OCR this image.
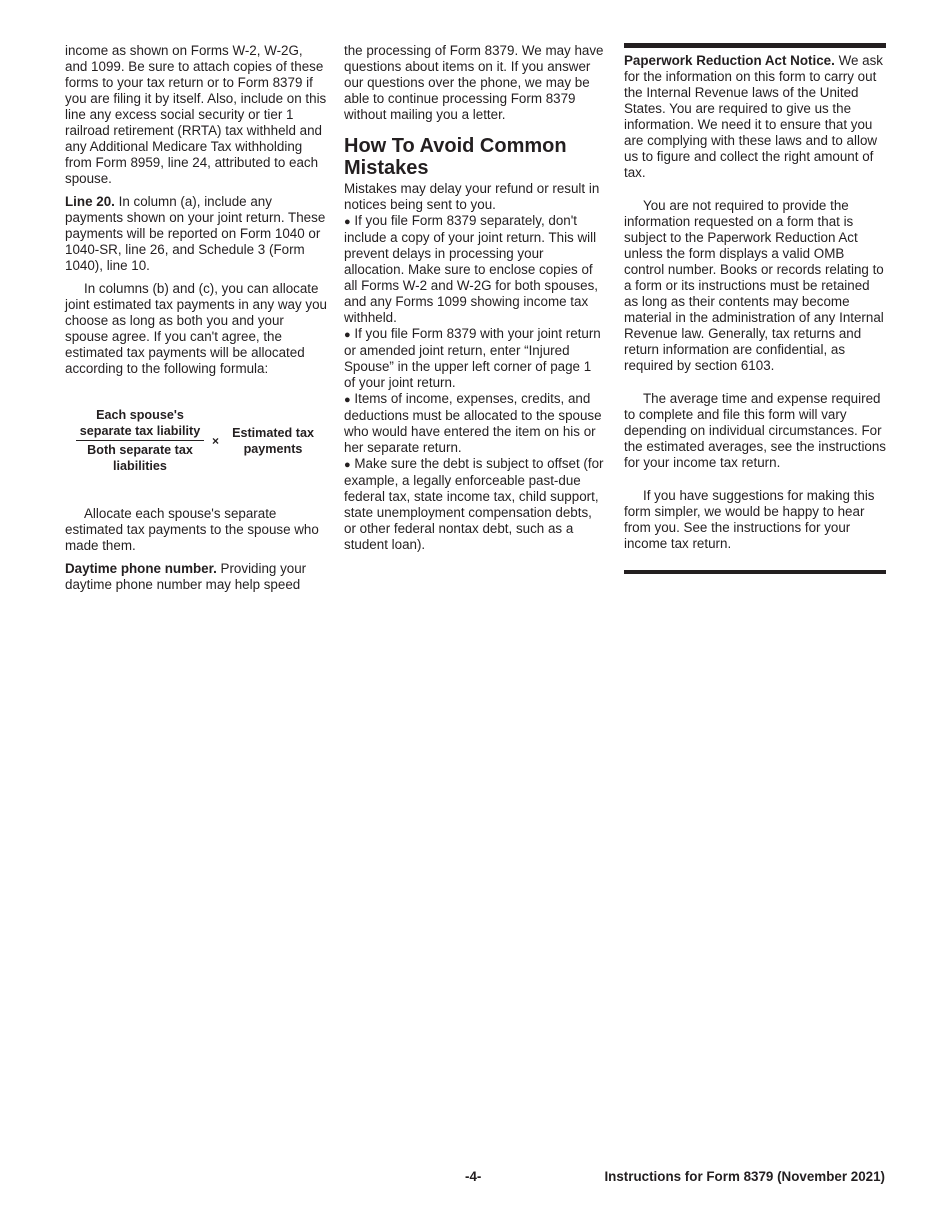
income as shown on Forms W-2, W-2G, and 1099. Be sure to attach copies of these forms to your tax return or to Form 8379 if you are filing it by itself. Also, include on this line any excess social security or tier 1 railroad retirement (RRTA) tax withheld and any Additional Medicare Tax withholding from Form 8959, line 24, attributed to each spouse.

Line 20. In column (a), include any payments shown on your joint return. These payments will be reported on Form 1040 or 1040-SR, line 26, and Schedule 3 (Form 1040), line 10.

In columns (b) and (c), you can allocate joint estimated tax payments in any way you choose as long as both you and your spouse agree. If you can't agree, the estimated tax payments will be allocated according to the following formula:

$\frac{\text{Each spouse's separate tax liability}}{\text{Both separate tax liabilities}}$ ×
Estimated tax payments

Allocate each spouse's separate estimated tax payments to the spouse who made them.

Daytime phone number. Providing your daytime phone number may help speed

the processing of Form 8379. We may have questions about items on it. If you answer our questions over the phone, we may be able to continue processing Form 8379 without mailing you a letter.

How To Avoid Common Mistakes

Mistakes may delay your refund or result in notices being sent to you.

● If you file Form 8379 separately, don't include a copy of your joint return. This will prevent delays in processing your allocation. Make sure to enclose copies of all Forms W-2 and W-2G for both spouses, and any Forms 1099 showing income tax withheld.

● If you file Form 8379 with your joint return or amended joint return, enter “Injured Spouse” in the upper left corner of page 1 of your joint return.

● Items of income, expenses, credits, and deductions must be allocated to the spouse who would have entered the item on his or her separate return.

● Make sure the debt is subject to offset (for example, a legally enforceable past-due federal tax, state income tax, child support, state unemployment compensation debts, or other federal nontax debt, such as a student loan).

Paperwork Reduction Act Notice. We ask for the information on this form to carry out the Internal Revenue laws of the United States. You are required to give us the information. We need it to ensure that you are complying with these laws and to allow us to figure and collect the right amount of tax.

You are not required to provide the information requested on a form that is subject to the Paperwork Reduction Act unless the form displays a valid OMB control number. Books or records relating to a form or its instructions must be retained as long as their contents may become material in the administration of any Internal Revenue law. Generally, tax returns and return information are confidential, as required by section 6103.

The average time and expense required to complete and file this form will vary depending on individual circumstances. For the estimated averages, see the instructions for your income tax return.

If you have suggestions for making this form simpler, we would be happy to hear from you. See the instructions for your income tax return.

-4-	Instructions for Form 8379 (November 2021)
